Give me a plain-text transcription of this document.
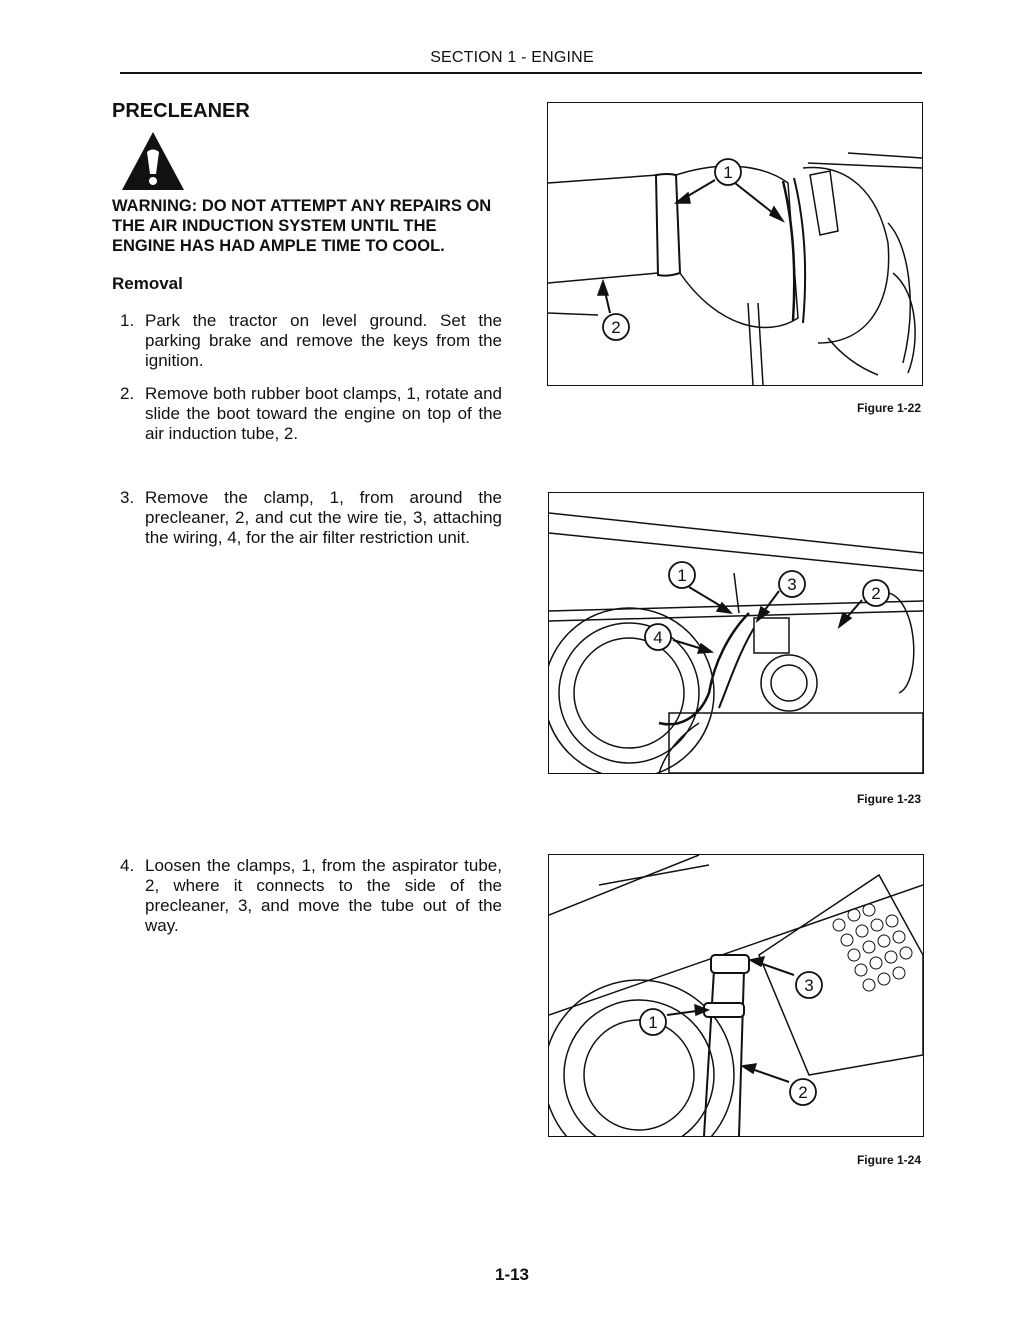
SECTION 1 - ENGINE
PRECLEANER
WARNING: DO NOT ATTEMPT ANY REPAIRS ON THE AIR INDUCTION SYSTEM UNTIL THE ENGINE HAS HAD AMPLE TIME TO COOL.
Removal
1. Park the tractor on level ground. Set the parking brake and remove the keys from the ignition.
2. Remove both rubber boot clamps, 1, rotate and slide the boot toward the engine on top of the air induction tube, 2.
3. Remove the clamp, 1, from around the precleaner, 2, and cut the wire tie, 3, attaching the wiring, 4, for the air filter restriction unit.
4. Loosen the clamps, 1, from the aspirator tube, 2, where it connects to the side of the precleaner, 3, and move the tube out of the way.
1
2
Figure 1-22
1	3	2
4
Figure 1-23
3
1
2
Figure 1-24
1-13
